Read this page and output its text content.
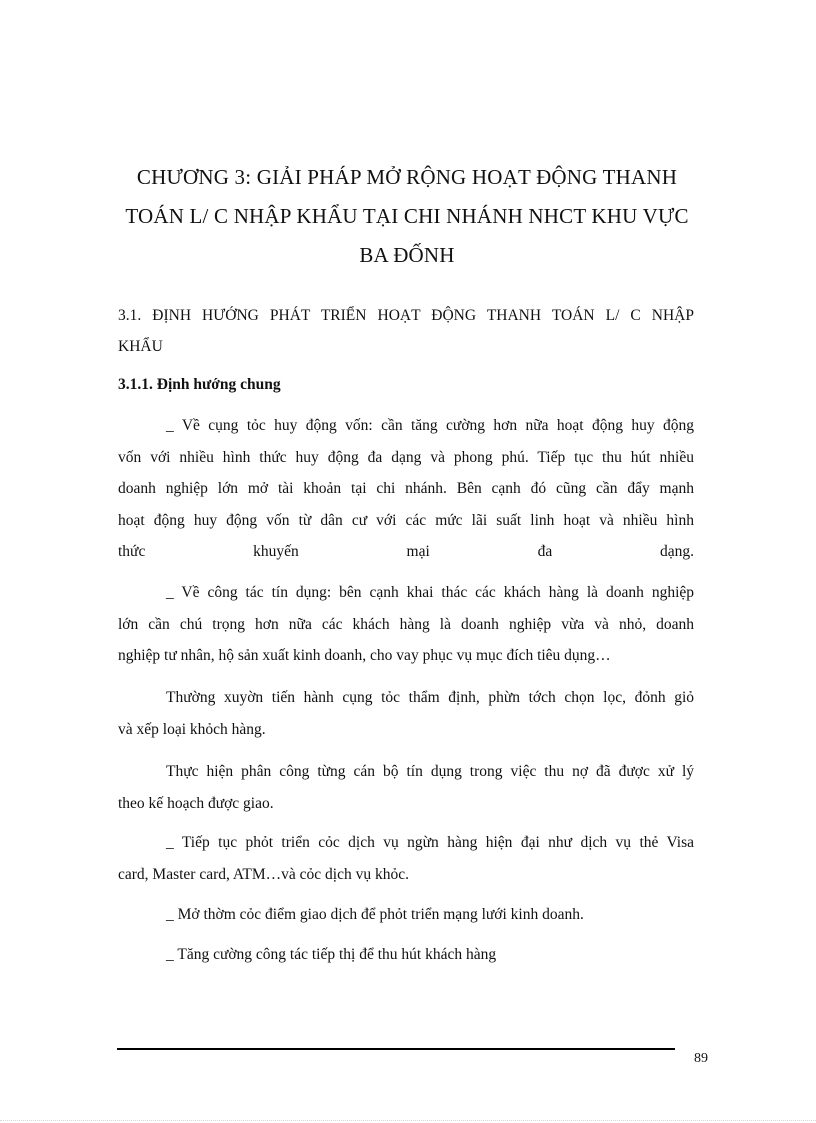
CHƯƠNG 3: GIẢI PHÁP MỞ RỘNG HOẠT ĐỘNG THANH
TOÁN L/ C NHẬP KHẨU TẠI CHI NHÁNH NHCT KHU VỰC
BA ĐỐNH
3.1. ĐỊNH HƯỚNG PHÁT TRIỂN HOẠT ĐỘNG THANH TOÁN L/ C NHẬP
KHẨU
3.1.1. Định hướng chung
_ Về cụng tỏc huy động vốn: cần tăng cường hơn nữa hoạt động huy động
vốn với nhiều hình thức huy động đa dạng và phong phú. Tiếp tục thu hút nhiều
doanh nghiệp lớn mở tài khoản tại chi nhánh. Bên cạnh đó cũng cần đẩy mạnh
hoạt động huy động vốn từ dân cư với các mức lãi suất linh hoạt và nhiều hình
thức khuyến mại đa dạng.
_ Về công tác tín dụng: bên cạnh khai thác các khách hàng là doanh nghiệp
lớn cần chú trọng hơn nữa các khách hàng là doanh nghiệp vừa và nhỏ, doanh
nghiệp tư nhân, hộ sản xuất kinh doanh, cho vay phục vụ mục đích tiêu dụng…
Thường xuyờn tiến hành cụng tỏc thẩm định, phừn tớch chọn lọc, đỏnh giỏ
và xếp loại khỏch hàng.
Thực hiện phân công từng cán bộ tín dụng trong việc thu nợ đã được xử lý
theo kế hoạch được giao.
_ Tiếp tục phỏt triển cỏc dịch vụ ngừn hàng hiện đại như dịch vụ thẻ Visa
card, Master card, ATM…và cỏc dịch vụ khỏc.
_ Mở thờm cỏc điểm giao dịch để phỏt triển mạng lưới kinh doanh.
_ Tăng cường công tác tiếp thị để thu hút khách hàng
89
